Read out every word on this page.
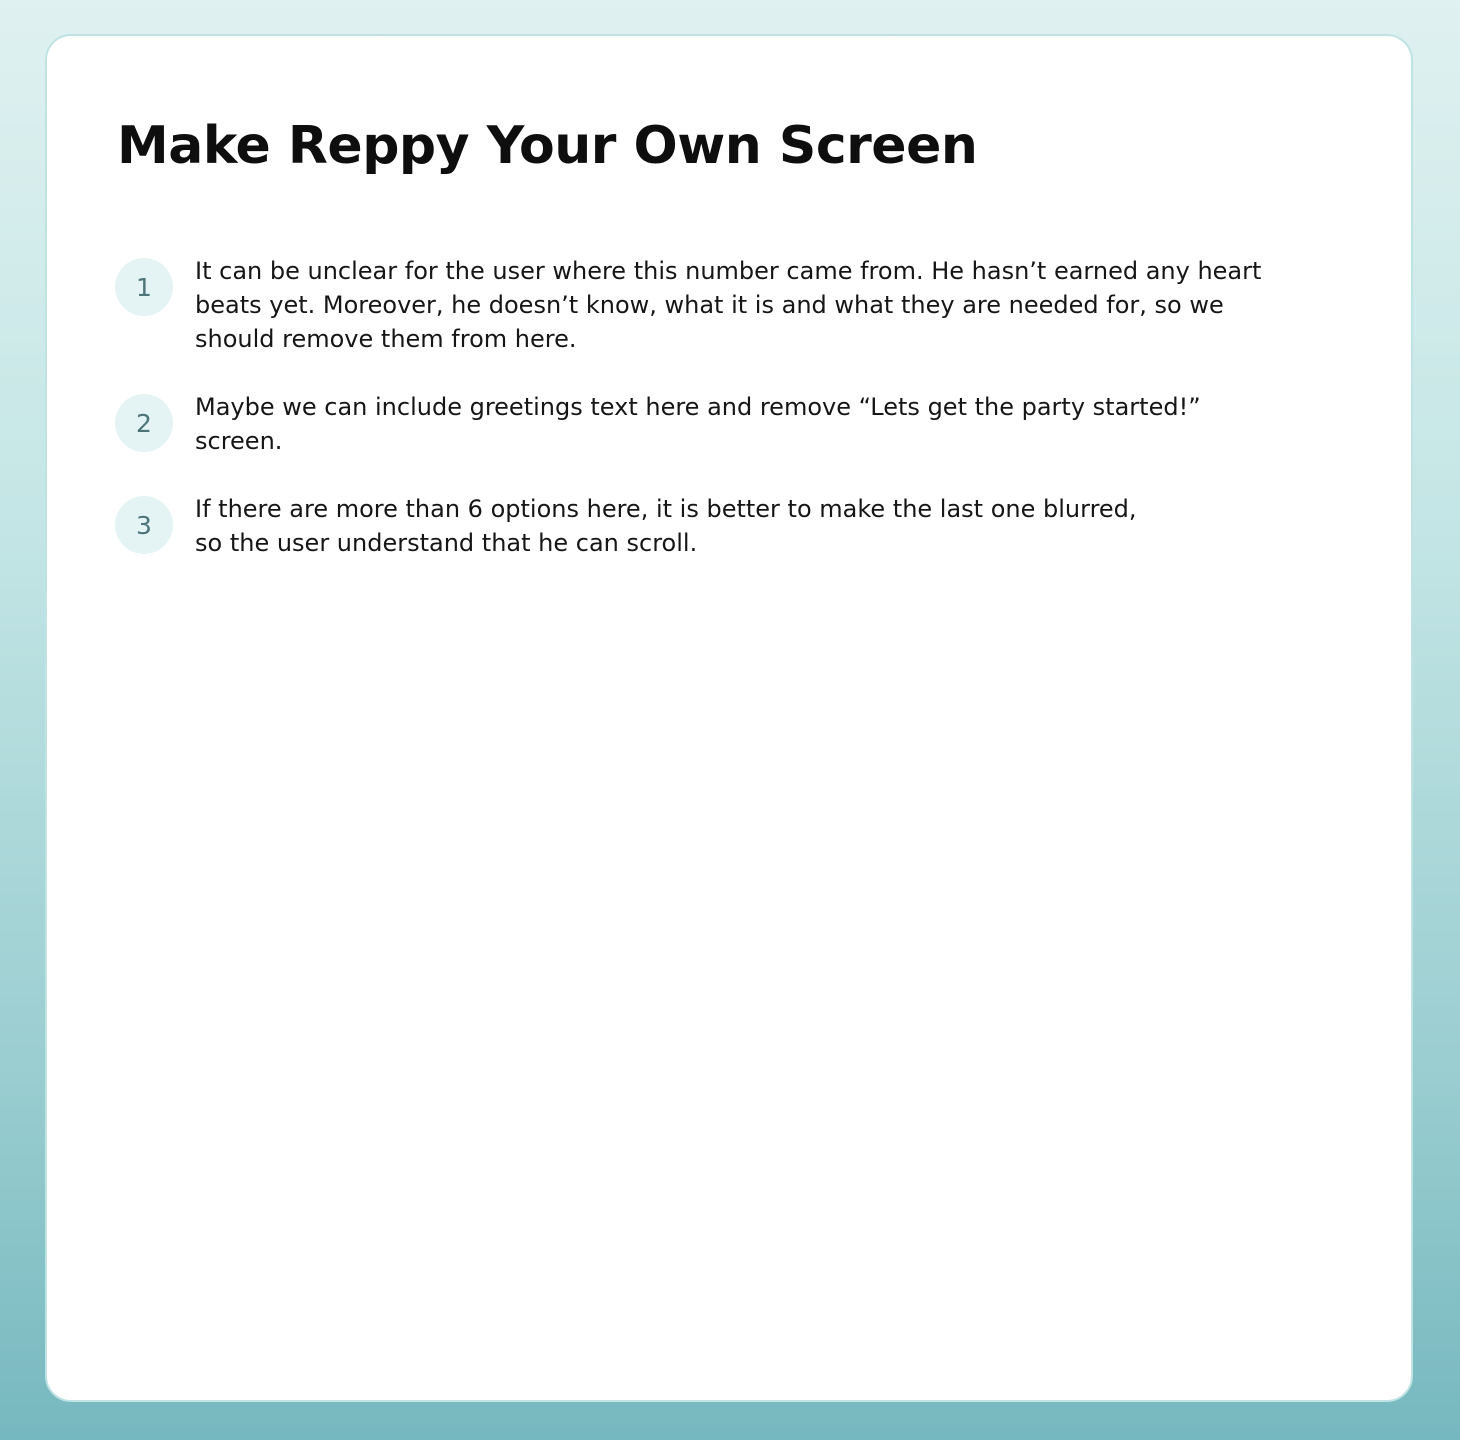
Make Reppy Your Own Screen
1
It can be unclear for the user where this number came from. He hasn’t earned any heart
beats yet. Moreover, he doesn’t know, what it is and what they are needed for, so we
should remove them from here.
2
Maybe we can include greetings text here and remove “Lets get the party started!”
screen.
3
If there are more than 6 options here, it is better to make the last one blurred,
so the user understand that he can scroll.
